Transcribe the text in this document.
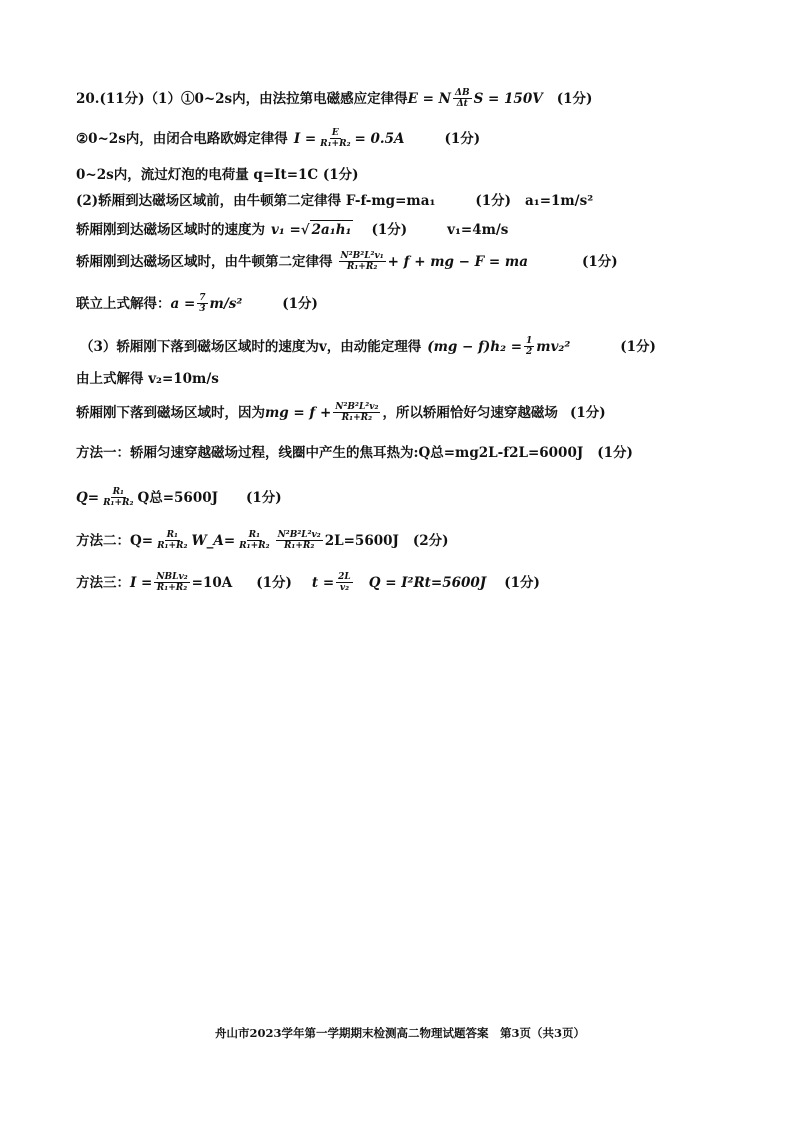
20.(11分)（1）①0~2s内，由法拉第电磁感应定律得 E = N $\frac{\Delta B}{\Delta t}$ S = 150V (1分)
②0~2s内，由闭合电路欧姆定律得 $I = \frac{E}{\text{R₁+R₂}} = 0.5A$	(1分)
0~2s内，流过灯泡的电荷量 q=It=1C (1分)
(2)轿厢到达磁场区域前，由牛顿第二定律得 F-f-mg=ma₁	(1分) a₁=1m/s²
轿厢刚到达磁场区域时的速度为 v₁ = √ 2a₁h₁ (1分)	v₁=4m/s
轿厢刚到达磁场区域时，由牛顿第二定律得 $\frac{\text{N²B²L²v₁}}{\text{R₁+R₂}} + f$ + mg − F = ma	(1分)
联立上式解得： $a = \frac{7}{3} m/s^2$	(1分)
（3）轿厢刚下落到磁场区域时的速度为v，由动能定理得 $(mg - f)h_2 = \frac{1}{2} mv_2^2$	(1分)
由上式解得 v₂=10m/s
轿厢刚下落到磁场区域时，因为 mg = $f + \frac{\text{N²B²L²v₂}}{\text{R₁+R₂}}$ ，所以轿厢恰好匀速穿越磁场 (1分)
方法一：轿厢匀速穿越磁场过程，线圈中产生的焦耳热为:Q总=mg2L-f2L=6000J (1分)
$Q= \frac{\text{R₁}}{\text{R₁+R₂}}$ Q总=5600J (1分)
方法二：$Q= \frac{\text{R₁}}{\text{R₁+R₂}}$ W_A= $\frac{\text{R₁}}{\text{R₁+R₂}} \frac{\text{N²B²L²v₂}}{\text{R₁+R₂}} 2L=5600J$ (2分)
方法三： $I = \frac{\text{NBLv₂}}{\text{R₁+R₂}} =10A$ (1分) $t = \frac{2L}{\text{v₂}}$ Q = I²Rt=5600J (1分)
舟山市2023学年第一学期期末检测高二物理试题答案　第3页（共3页）
